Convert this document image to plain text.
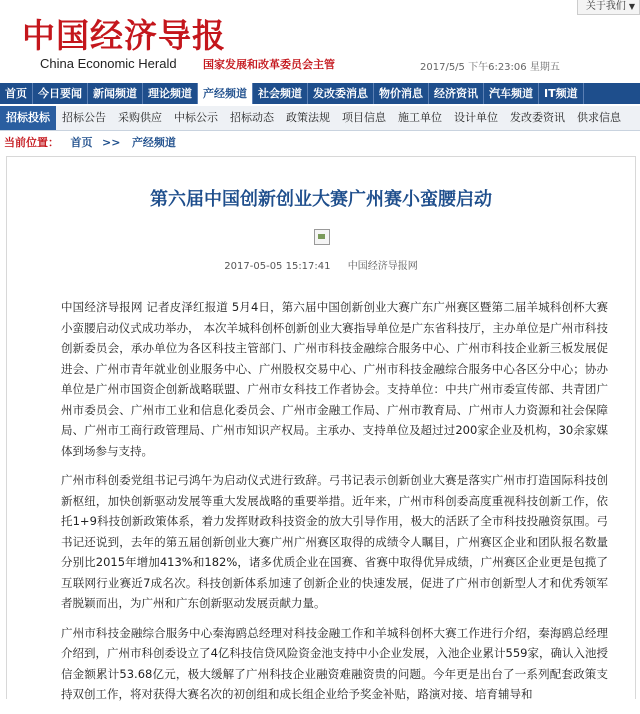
中国经济导报
China Economic Herald 国家发展和改革委员会主管	2017/5/5 下午6:23:06 星期五
关于我们 ▼
首页	今日要闻	新闻频道	理论频道	产经频道	社会频道	发改委消息	物价消息	经济资讯	汽车频道	IT频道
招标投标	招标公告	采购供应	中标公示	招标动态	政策法规	项目信息	施工单位	设计单位	发改委资讯	供求信息
当前位置： 首页 >> 产经频道
第六届中国创新创业大赛广州赛小蛮腰启动
2017-05-05 15:17:41 中国经济导报网

中国经济导报网 记者皮泽红报道 5月4日，第六届中国创新创业大赛广东广州赛区暨第二届羊城科创杯大赛小蛮腰启动仪式成功举办， 本次羊城科创杯创新创业大赛指导单位是广东省科技厅，主办单位是广州市科技创新委员会，承办单位为各区科技主管部门、广州市科技金融综合服务中心、广州市科技企业新三板发展促进会、广州市青年就业创业服务中心、广州股权交易中心、广州市科技金融综合服务中心各区分中心；协办单位是广州市国资企创新战略联盟、广州市女科技工作者协会。支持单位：中共广州市委宣传部、共青团广州市委员会、广州市工业和信息化委员会、广州市金融工作局、广州市教育局、广州市人力资源和社会保障局、广州市工商行政管理局、广州市知识产权局。主承办、支持单位及超过过200家企业及机构，30余家媒体到场参与支持。

广州市科创委党组书记弓鸿午为启动仪式进行致辞。弓书记表示创新创业大赛是落实广州市打造国际科技创新枢纽，加快创新驱动发展等重大发展战略的重要举措。近年来，广州市科创委高度重视科技创新工作，依托1+9科技创新政策体系，着力发挥财政科技资金的放大引导作用，极大的活跃了全市科技投融资氛围。弓书记还说到，去年的第五届创新创业大赛广州广州赛区取得的成绩令人瞩目，广州赛区企业和团队报名数量分别比2015年增加413%和182%，诸多优质企业在国赛、省赛中取得优异成绩，广州赛区企业更是包揽了互联网行业赛近7成名次。科技创新体系加速了创新企业的快速发展，促进了广州市创新型人才和优秀领军者脱颖而出，为广州和广东创新驱动发展贡献力量。

广州市科技金融综合服务中心秦海鸥总经理对科技金融工作和羊城科创杯大赛工作进行介绍，秦海鸥总经理介绍到，广州市科创委设立了4亿科技信贷风险资金池支持中小企业发展，入池企业累计559家，确认入池授信金额累计53.68亿元，极大缓解了广州科技企业融资难融资贵的问题。今年更是出台了一系列配套政策支持双创工作，将对获得大赛名次的初创组和成长组企业给予奖金补贴，路演对接、培育辅导和
